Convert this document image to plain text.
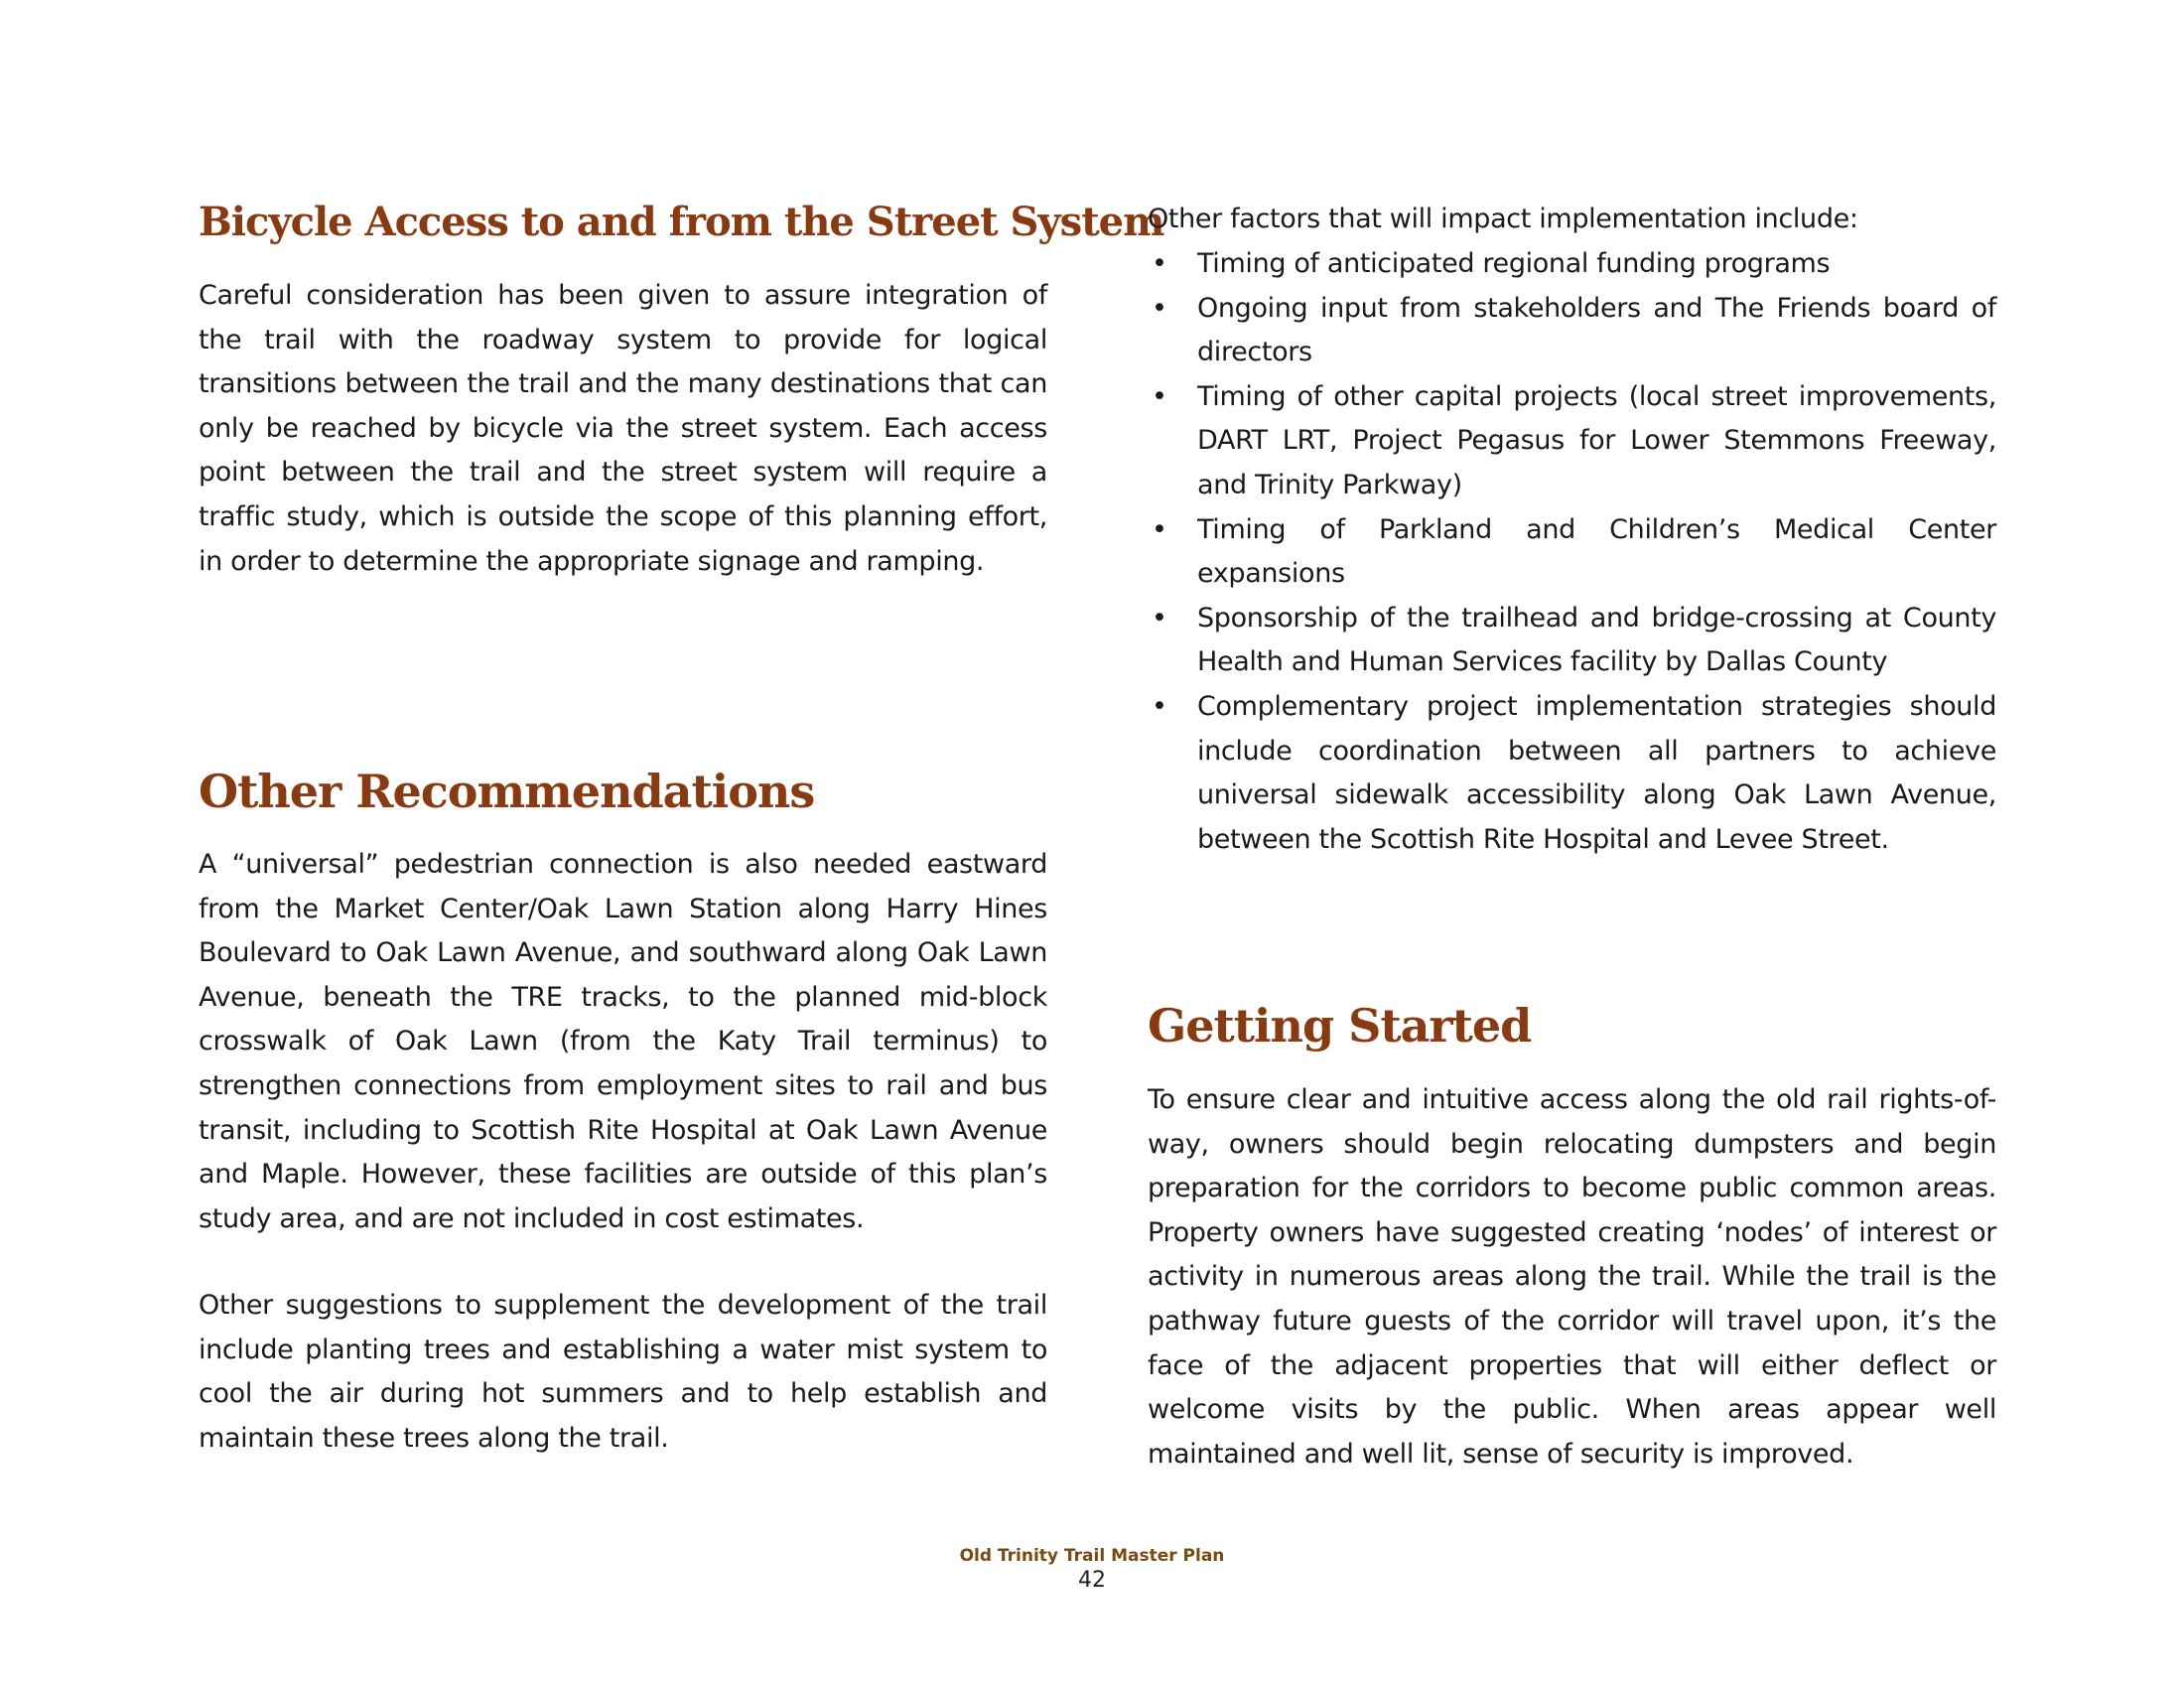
Bicycle Access to and from the Street System

Careful consideration has been given to assure integration of the trail with the roadway system to provide for logical transitions between the trail and the many destinations that can only be reached by bicycle via the street system. Each access point between the trail and the street system will require a traffic study, which is outside the scope of this planning effort, in order to determine the appropriate signage and ramping.

Other Recommendations

A “universal” pedestrian connection is also needed eastward from the Market Center/Oak Lawn Station along Harry Hines Boulevard to Oak Lawn Avenue, and southward along Oak Lawn Avenue, beneath the TRE tracks, to the planned mid-block crosswalk of Oak Lawn (from the Katy Trail terminus) to strengthen connections from employment sites to rail and bus transit, including to Scottish Rite Hospital at Oak Lawn Avenue and Maple. However, these facilities are outside of this plan’s study area, and are not included in cost estimates.

Other suggestions to supplement the development of the trail include planting trees and establishing a water mist system to cool the air during hot summers and to help establish and maintain these trees along the trail.

Other factors that will impact implementation include:

• Timing of anticipated regional funding programs
• Ongoing input from stakeholders and The Friends board of directors
• Timing of other capital projects (local street improvements, DART LRT, Project Pegasus for Lower Stemmons Freeway, and Trinity Parkway)
• Timing of Parkland and Children’s Medical Center expansions
• Sponsorship of the trailhead and bridge-crossing at County Health and Human Services facility by Dallas County
• Complementary project implementation strategies should include coordination between all partners to achieve universal sidewalk accessibility along Oak Lawn Avenue, between the Scottish Rite Hospital and Levee Street.
Getting Started

To ensure clear and intuitive access along the old rail rights-of-way, owners should begin relocating dumpsters and begin preparation for the corridors to become public common areas. Property owners have suggested creating ‘nodes’ of interest or activity in numerous areas along the trail. While the trail is the pathway future guests of the corridor will travel upon, it’s the face of the adjacent properties that will either deflect or welcome visits by the public. When areas appear well maintained and well lit, sense of security is improved.

Old Trinity Trail Master Plan
42
